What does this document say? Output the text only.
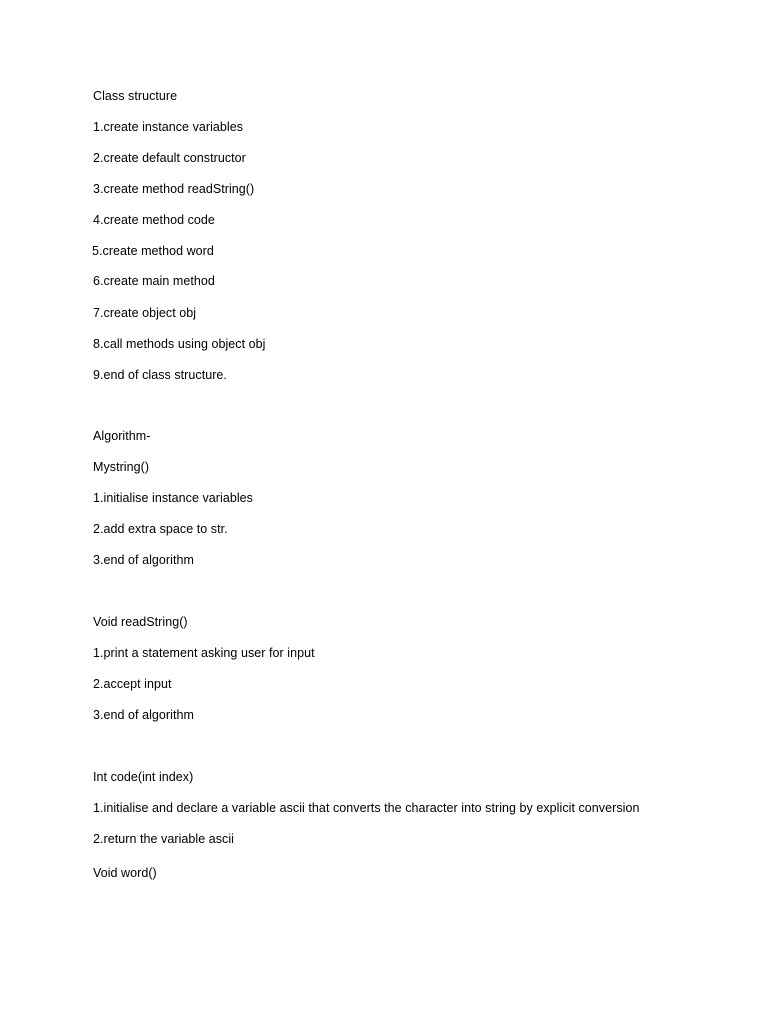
Class structure
1.create instance variables
2.create default constructor
3.create method readString()
4.create method code
5.create method word
6.create main method
7.create object obj
8.call methods using object obj
9.end of class structure.
Algorithm-
Mystring()
1.initialise instance variables
2.add extra space to str.
3.end of algorithm
Void readString()
1.print a statement asking user for input
2.accept input
3.end of algorithm
Int code(int index)
1.initialise and declare a variable ascii that converts the character into string by explicit conversion
2.return the variable ascii
Void word()
